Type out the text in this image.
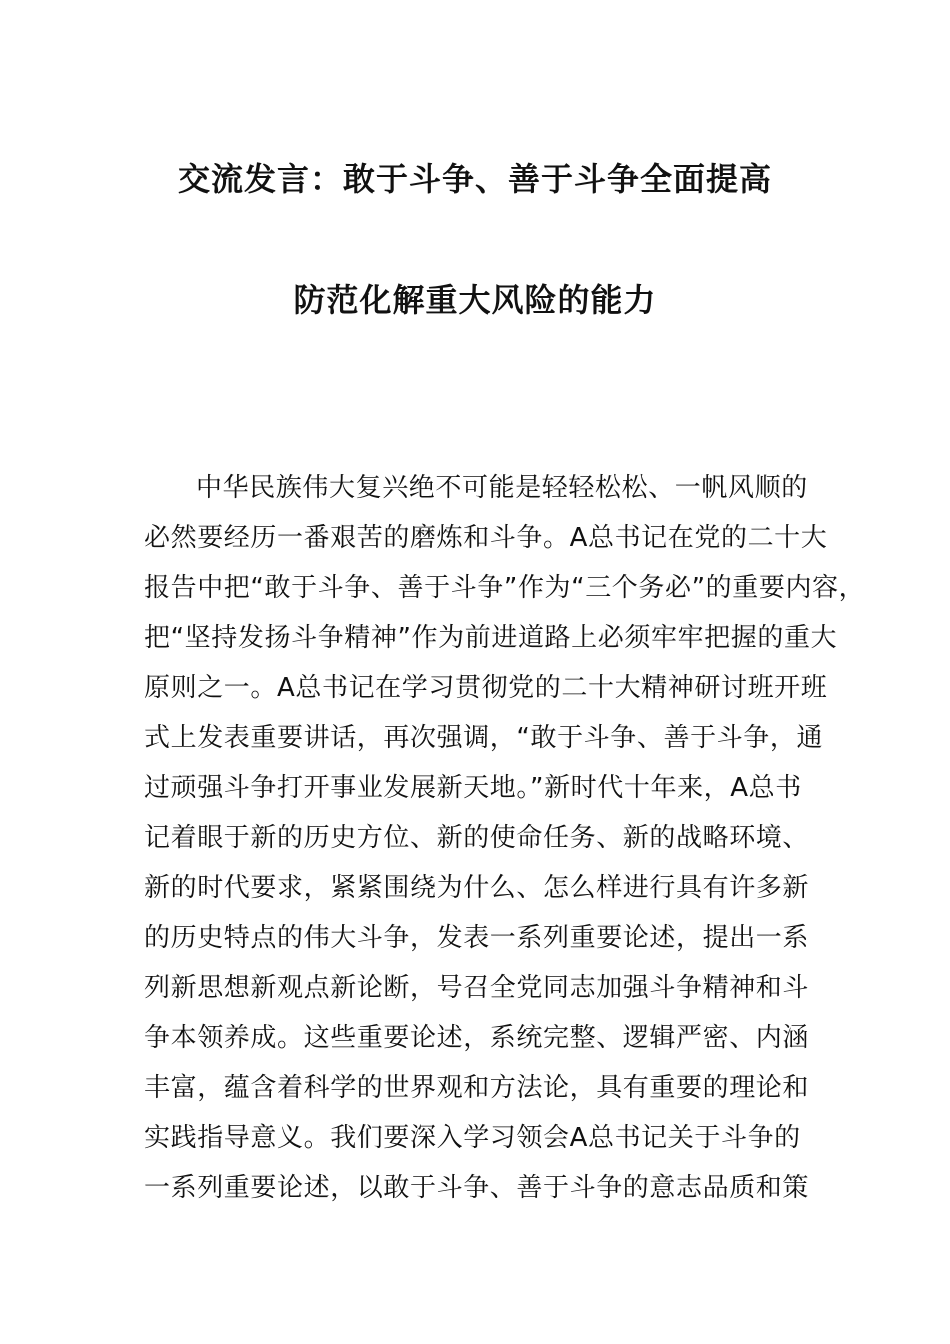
交流发言：敢于斗争、善于斗争全面提高
防范化解重大风险的能力
中华民族伟大复兴绝不可能是轻轻松松、一帆风顺的
必然要经历一番艰苦的磨炼和斗争。A总书记在党的二十大
报告中把“敢于斗争、善于斗争”作为“三个务必”的重要内容，
把“坚持发扬斗争精神”作为前进道路上必须牢牢把握的重大
原则之一。A总书记在学习贯彻党的二十大精神研讨班开班
式上发表重要讲话，再次强调，“敢于斗争、善于斗争，通
过顽强斗争打开事业发展新天地。”新时代十年来，A总书
记着眼于新的历史方位、新的使命任务、新的战略环境、
新的时代要求，紧紧围绕为什么、怎么样进行具有许多新
的历史特点的伟大斗争，发表一系列重要论述，提出一系
列新思想新观点新论断，号召全党同志加强斗争精神和斗
争本领养成。这些重要论述，系统完整、逻辑严密、内涵
丰富，蕴含着科学的世界观和方法论，具有重要的理论和
实践指导意义。我们要深入学习领会A总书记关于斗争的
一系列重要论述，以敢于斗争、善于斗争的意志品质和策
